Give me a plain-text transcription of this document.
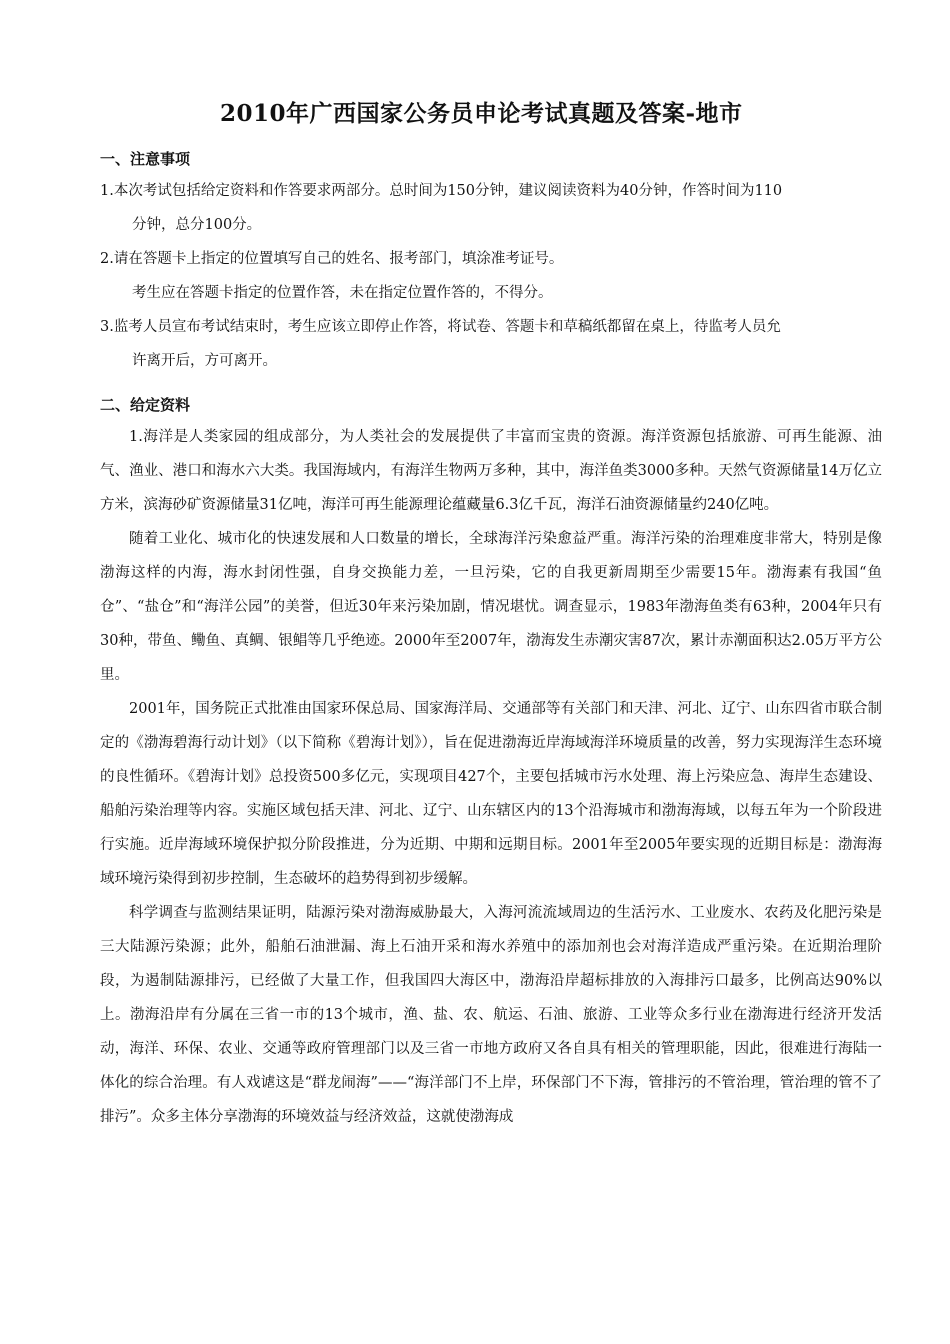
2010年广西国家公务员申论考试真题及答案-地市
一、注意事项
1.本次考试包括给定资料和作答要求两部分。总时间为150分钟，建议阅读资料为40分钟，作答时间为110
分钟，总分100分。
2.请在答题卡上指定的位置填写自己的姓名、报考部门，填涂准考证号。
考生应在答题卡指定的位置作答，未在指定位置作答的，不得分。
3.监考人员宣布考试结束时，考生应该立即停止作答，将试卷、答题卡和草稿纸都留在桌上，待监考人员允
许离开后，方可离开。
二、给定资料

1.海洋是人类家园的组成部分，为人类社会的发展提供了丰富而宝贵的资源。海洋资源包括旅游、可再生能源、油气、渔业、港口和海水六大类。我国海域内，有海洋生物两万多种，其中，海洋鱼类3000多种。天然气资源储量14万亿立方米，滨海砂矿资源储量31亿吨，海洋可再生能源理论蕴藏量6.3亿千瓦，海洋石油资源储量约240亿吨。

随着工业化、城市化的快速发展和人口数量的增长，全球海洋污染愈益严重。海洋污染的治理难度非常大，特别是像渤海这样的内海，海水封闭性强，自身交换能力差，一旦污染，它的自我更新周期至少需要15年。渤海素有我国“鱼仓”、“盐仓”和“海洋公园”的美誉，但近30年来污染加剧，情况堪忧。调查显示，1983年渤海鱼类有63种，2004年只有30种，带鱼、鳓鱼、真鲷、银鲳等几乎绝迹。2000年至2007年，渤海发生赤潮灾害87次，累计赤潮面积达2.05万平方公里。

2001年，国务院正式批准由国家环保总局、国家海洋局、交通部等有关部门和天津、河北、辽宁、山东四省市联合制定的《渤海碧海行动计划》（以下简称《碧海计划》），旨在促进渤海近岸海域海洋环境质量的改善，努力实现海洋生态环境的良性循环。《碧海计划》总投资500多亿元，实现项目427个，主要包括城市污水处理、海上污染应急、海岸生态建设、船舶污染治理等内容。实施区域包括天津、河北、辽宁、山东辖区内的13个沿海城市和渤海海域，以每五年为一个阶段进行实施。近岸海域环境保护拟分阶段推进，分为近期、中期和远期目标。2001年至2005年要实现的近期目标是：渤海海域环境污染得到初步控制，生态破坏的趋势得到初步缓解。

科学调查与监测结果证明，陆源污染对渤海威胁最大，入海河流流域周边的生活污水、工业废水、农药及化肥污染是三大陆源污染源；此外，船舶石油泄漏、海上石油开采和海水养殖中的添加剂也会对海洋造成严重污染。在近期治理阶段，为遏制陆源排污，已经做了大量工作，但我国四大海区中，渤海沿岸超标排放的入海排污口最多，比例高达90%以上。渤海沿岸有分属在三省一市的13个城市，渔、盐、农、航运、石油、旅游、工业等众多行业在渤海进行经济开发活动，海洋、环保、农业、交通等政府管理部门以及三省一市地方政府又各自具有相关的管理职能，因此，很难进行海陆一体化的综合治理。有人戏谑这是“群龙闹海”——“海洋部门不上岸，环保部门不下海，管排污的不管治理，管治理的管不了排污”。众多主体分享渤海的环境效益与经济效益，这就使渤海成
